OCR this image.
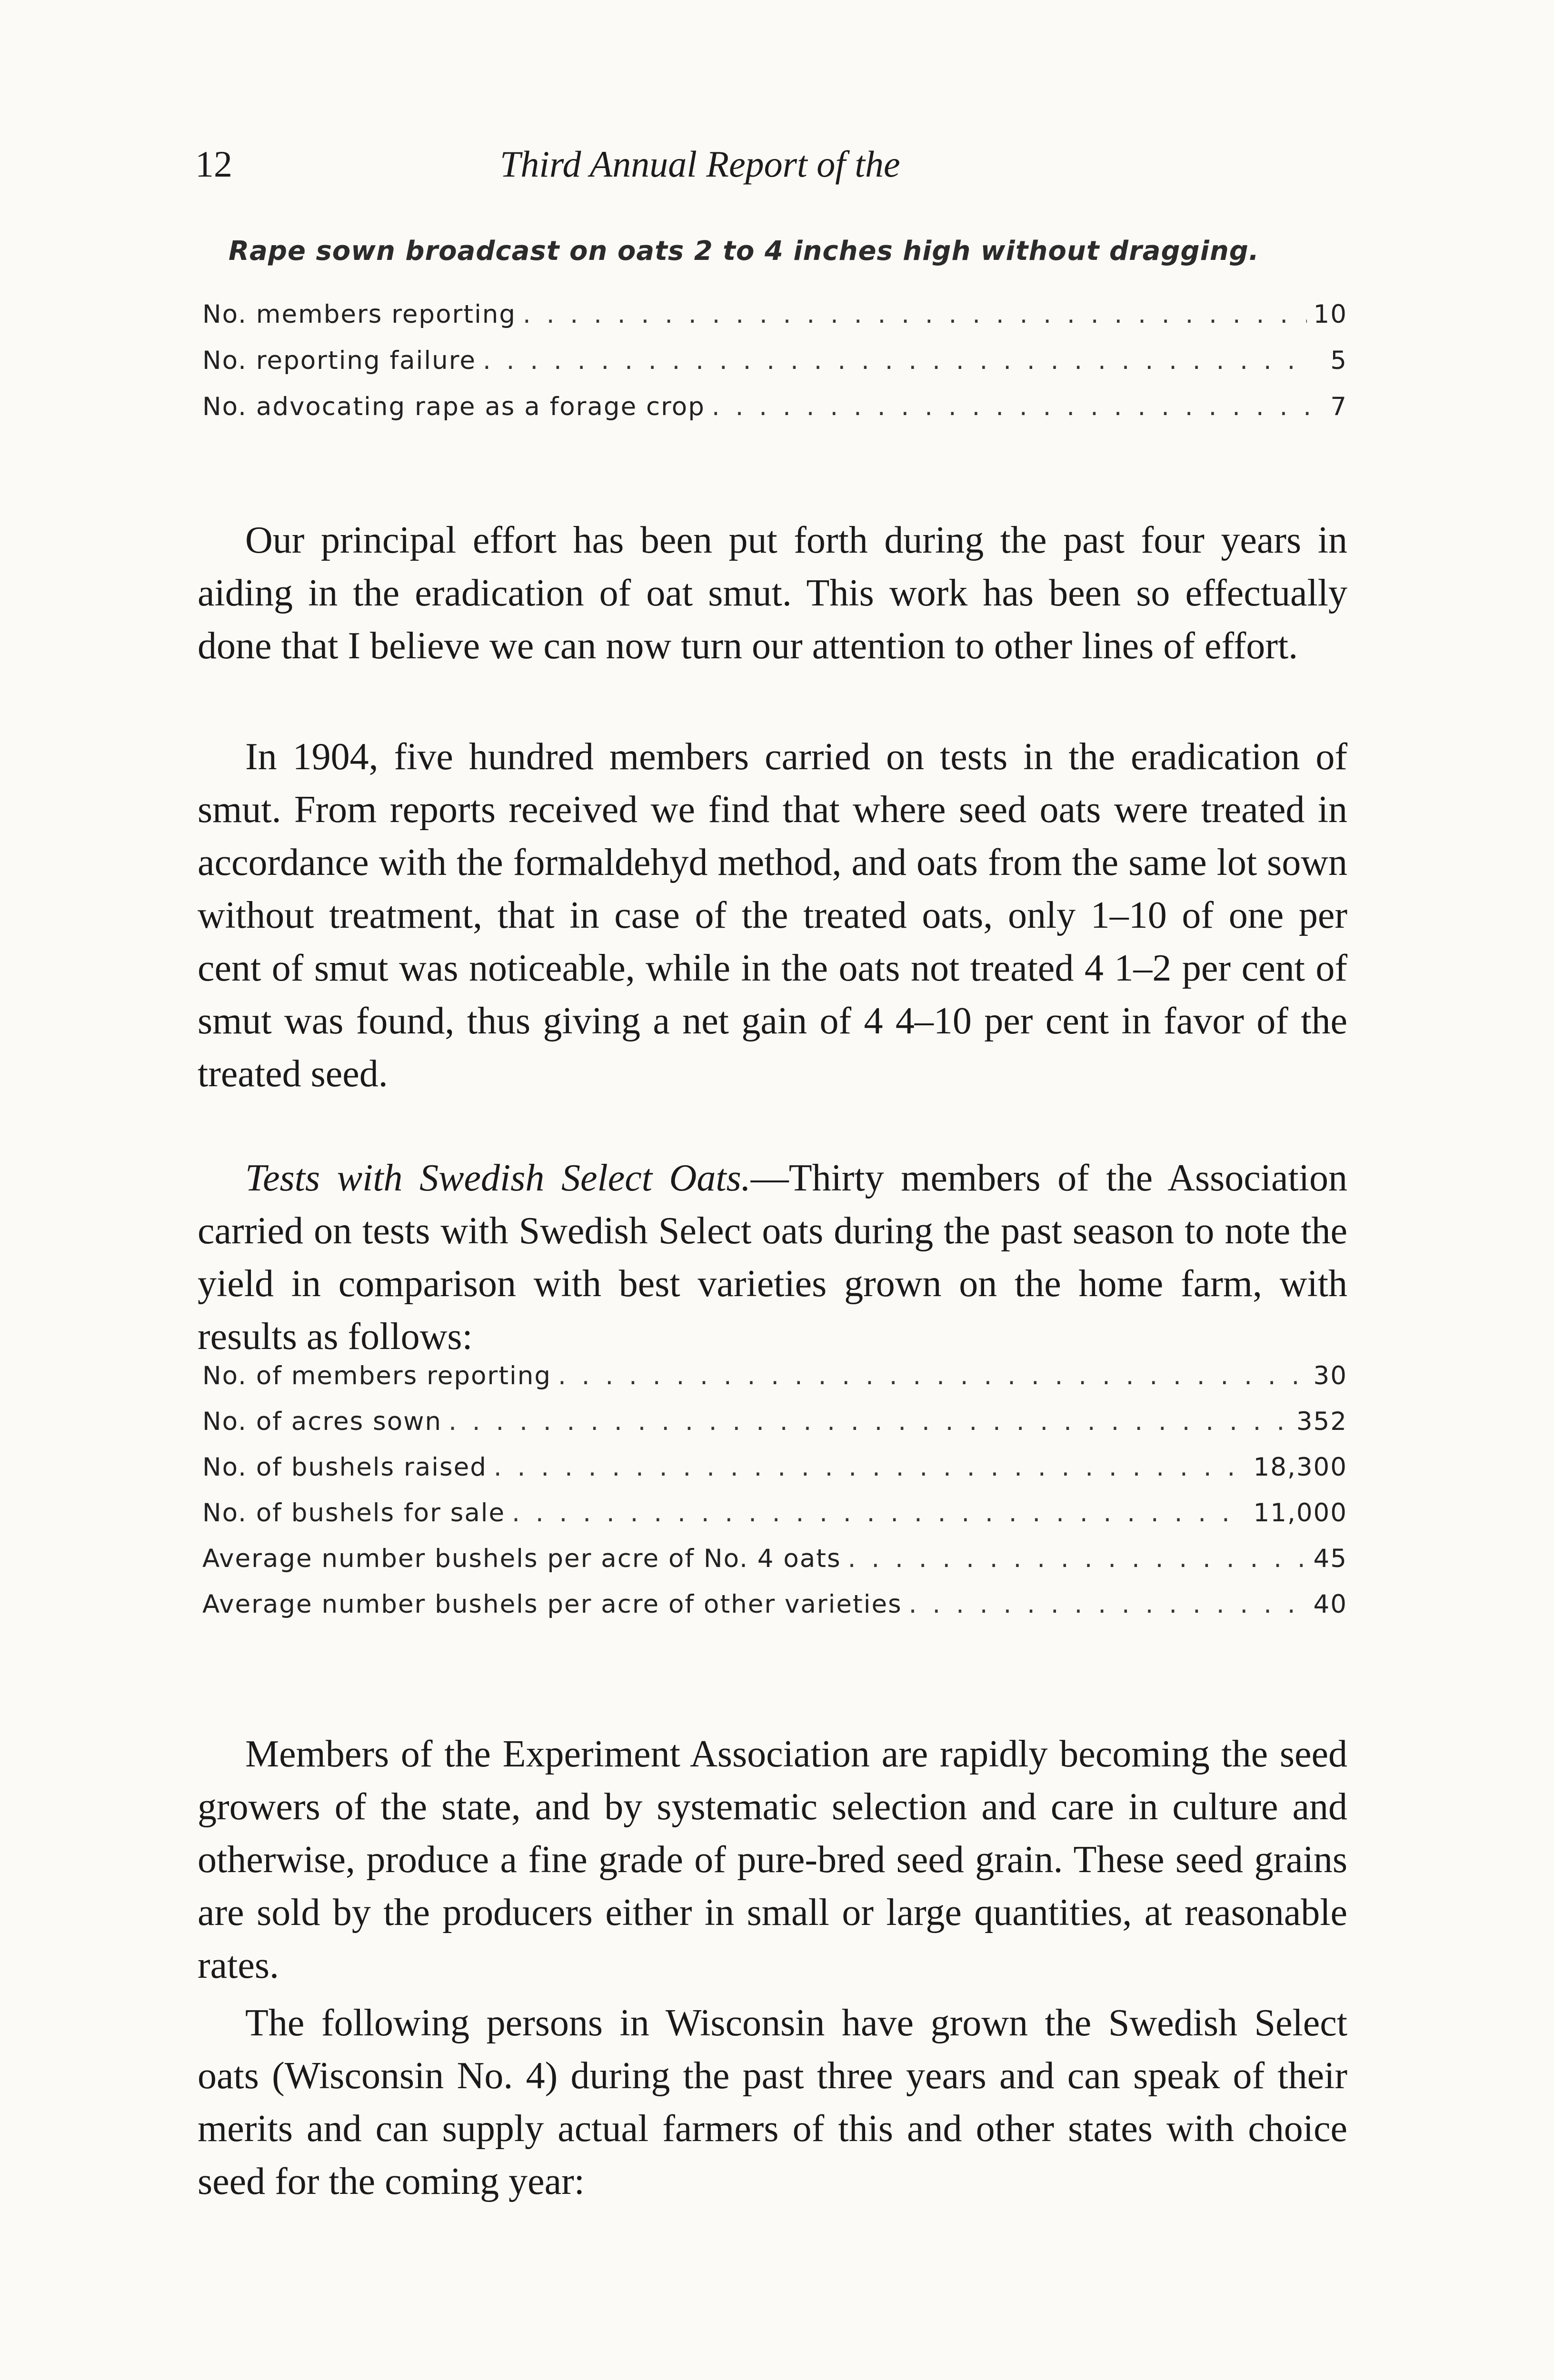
12	Third Annual Report of the
Rape sown broadcast on oats 2 to 4 inches high without dragging.
No. members reporting . . .	10
No. reporting failure . . .	5
No. advocating rape as a forage crop . . .	7

Our principal effort has been put forth during the past four years in aiding in the eradication of oat smut. This work has been so effectually done that I believe we can now turn our attention to other lines of effort.

In 1904, five hundred members carried on tests in the eradication of smut. From reports received we find that where seed oats were treated in accordance with the formaldehyd method, and oats from the same lot sown without treatment, that in case of the treated oats, only 1–10 of one per cent of smut was noticeable, while in the oats not treated 4 1–2 per cent of smut was found, thus giving a net gain of 4 4–10 per cent in favor of the treated seed.

Tests with Swedish Select Oats.—Thirty members of the Association carried on tests with Swedish Select oats during the past season to note the yield in comparison with best varieties grown on the home farm, with results as follows:

No. of members reporting . . .	30
No. of acres sown . . .	352
No. of bushels raised . . .	18,300
No. of bushels for sale . . .	11,000
Average number bushels per acre of No. 4 oats . . .	45
Average number bushels per acre of other varieties . . .	40

Members of the Experiment Association are rapidly becoming the seed growers of the state, and by systematic selection and care in culture and otherwise, produce a fine grade of pure-bred seed grain. These seed grains are sold by the producers either in small or large quantities, at reasonable rates.

The following persons in Wisconsin have grown the Swedish Select oats (Wisconsin No. 4) during the past three years and can speak of their merits and can supply actual farmers of this and other states with choice seed for the coming year:
